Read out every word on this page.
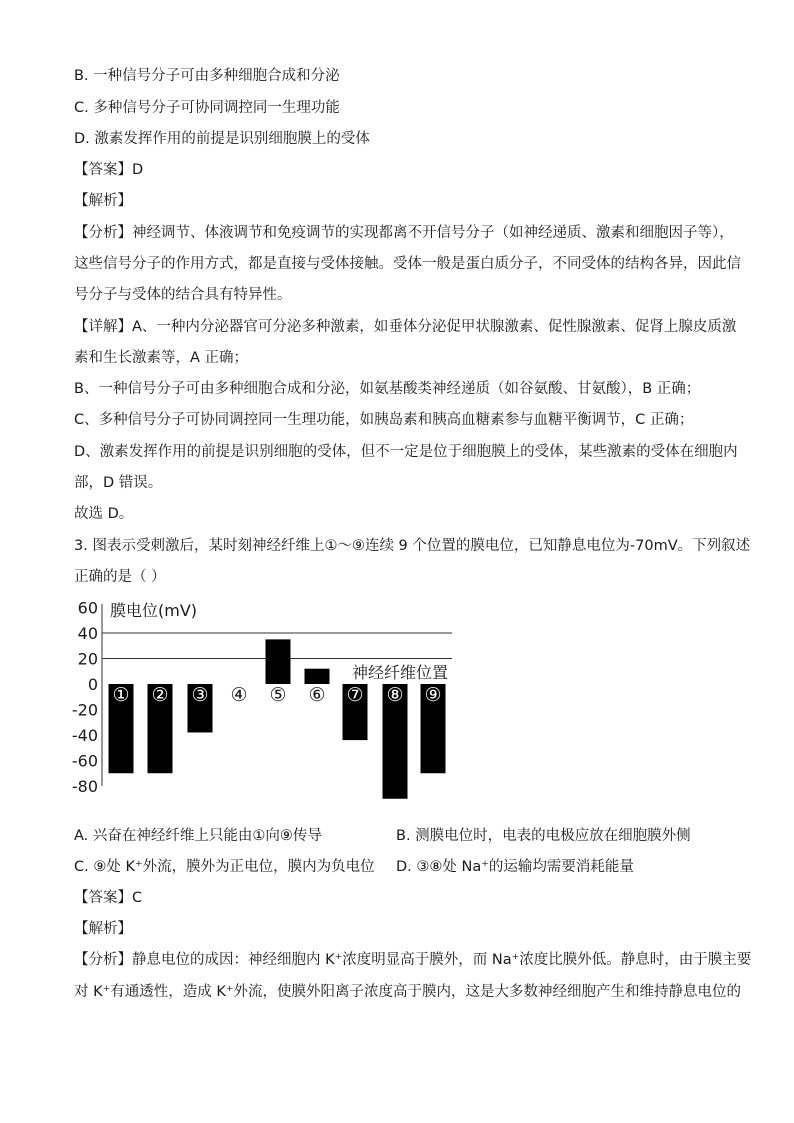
B. 一种信号分子可由多种细胞合成和分泌
C. 多种信号分子可协同调控同一生理功能
D. 激素发挥作用的前提是识别细胞膜上的受体
【答案】D
【解析】
【分析】神经调节、体液调节和免疫调节的实现都离不开信号分子（如神经递质、激素和细胞因子等），
这些信号分子的作用方式，都是直接与受体接触。受体一般是蛋白质分子，不同受体的结构各异，因此信
号分子与受体的结合具有特异性。
【详解】A、一种内分泌器官可分泌多种激素，如垂体分泌促甲状腺激素、促性腺激素、促肾上腺皮质激
素和生长激素等，A 正确；
B、一种信号分子可由多种细胞合成和分泌，如氨基酸类神经递质（如谷氨酸、甘氨酸），B 正确；
C、多种信号分子可协同调控同一生理功能，如胰岛素和胰高血糖素参与血糖平衡调节，C 正确；
D、激素发挥作用的前提是识别细胞的受体，但不一定是位于细胞膜上的受体，某些激素的受体在细胞内
部，D 错误。
故选 D。
3. 图表示受刺激后，某时刻神经纤维上①～⑨连续 9 个位置的膜电位，已知静息电位为-70mV。下列叙述
正确的是（ ）
60
40
20
0
-20
-40
-60
-80
① ② ③ ④ ⑤ ⑥ ⑦ ⑧ ⑨
膜电位(mV)
神经纤维位置
A. 兴奋在神经纤维上只能由①向⑨传导	B. 测膜电位时，电表的电极应放在细胞膜外侧
C. ⑨处 K⁺外流，膜外为正电位，膜内为负电位 D. ③⑧处 Na⁺的运输均需要消耗能量
【答案】C
【解析】
【分析】静息电位的成因：神经细胞内 K⁺浓度明显高于膜外，而 Na⁺浓度比膜外低。静息时，由于膜主要
对 K⁺有通透性，造成 K⁺外流，使膜外阳离子浓度高于膜内，这是大多数神经细胞产生和维持静息电位的
